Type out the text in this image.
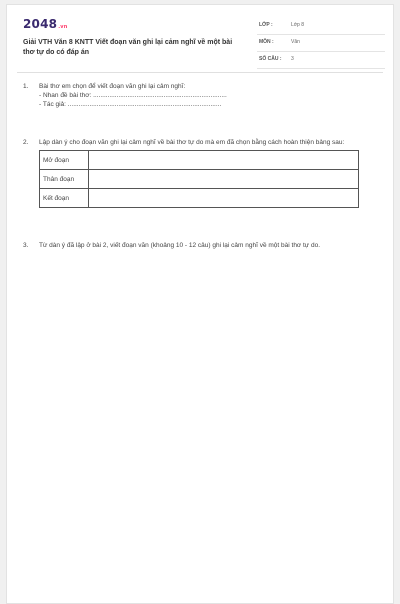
2048.vn
Giải VTH Văn 8 KNTT Viết đoạn văn ghi lại cảm nghĩ về một bài thơ tự do có đáp án
LỚP :	Lớp 8
MÔN :	Văn
SỐ CÂU : 3
1. Bài thơ em chọn để viết đoạn văn ghi lại cảm nghĩ:
- Nhan đề bài thơ: ..........................................................................
- Tác giả: .....................................................................................
2. Lập dàn ý cho đoạn văn ghi lại cảm nghĩ về bài thơ tự do mà em đã chọn bằng cách hoàn thiện bảng sau:
Mở đoạn	
Thân đoạn	
Kết đoạn	
3. Từ dàn ý đã lập ở bài 2, viết đoạn văn (khoảng 10 - 12 câu) ghi lại cảm nghĩ về một bài thơ tự do.
